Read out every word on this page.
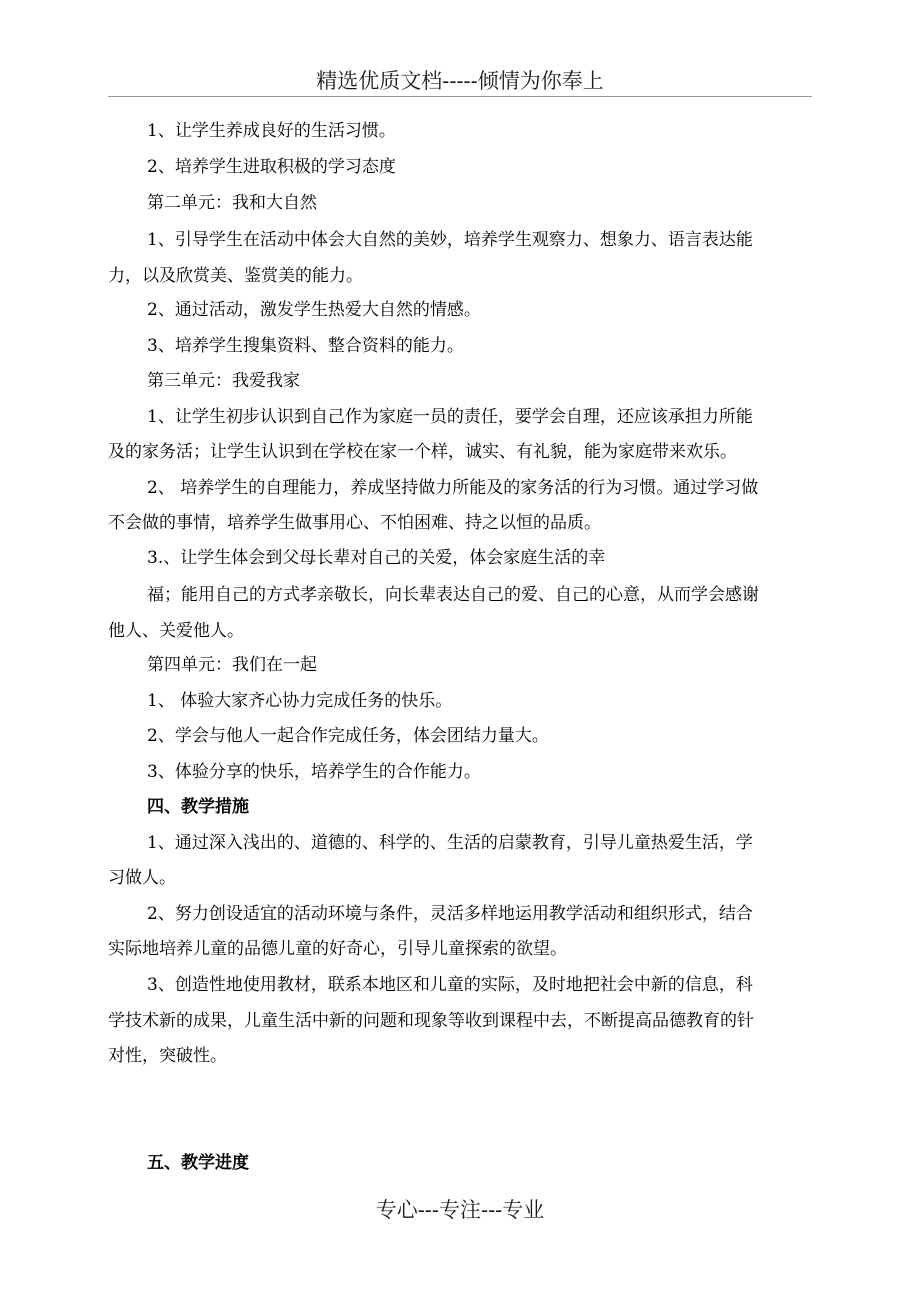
精选优质文档-----倾情为你奉上
1、让学生养成良好的生活习惯。
2、培养学生进取积极的学习态度
第二单元：我和大自然
1、引导学生在活动中体会大自然的美妙，培养学生观察力、想象力、语言表达能
力，以及欣赏美、鉴赏美的能力。
2、通过活动，激发学生热爱大自然的情感。
3、培养学生搜集资料、整合资料的能力。
第三单元：我爱我家
1、让学生初步认识到自己作为家庭一员的责任，要学会自理，还应该承担力所能
及的家务活；让学生认识到在学校在家一个样，诚实、有礼貌，能为家庭带来欢乐。
2、 培养学生的自理能力，养成坚持做力所能及的家务活的行为习惯。通过学习做
不会做的事情，培养学生做事用心、不怕困难、持之以恒的品质。
3.、让学生体会到父母长辈对自己的关爱，体会家庭生活的幸
福；能用自己的方式孝亲敬长，向长辈表达自己的爱、自己的心意，从而学会感谢
他人、关爱他人。
第四单元：我们在一起
1、 体验大家齐心协力完成任务的快乐。
2、学会与他人一起合作完成任务，体会团结力量大。
3、体验分享的快乐，培养学生的合作能力。
四、教学措施
1、通过深入浅出的、道德的、科学的、生活的启蒙教育，引导儿童热爱生活，学
习做人。
2、努力创设适宜的活动环境与条件，灵活多样地运用教学活动和组织形式，结合
实际地培养儿童的品德儿童的好奇心，引导儿童探索的欲望。
3、创造性地使用教材，联系本地区和儿童的实际，及时地把社会中新的信息，科
学技术新的成果，儿童生活中新的问题和现象等收到课程中去，不断提高品德教育的针
对性，突破性。
五、教学进度
专心---专注---专业
